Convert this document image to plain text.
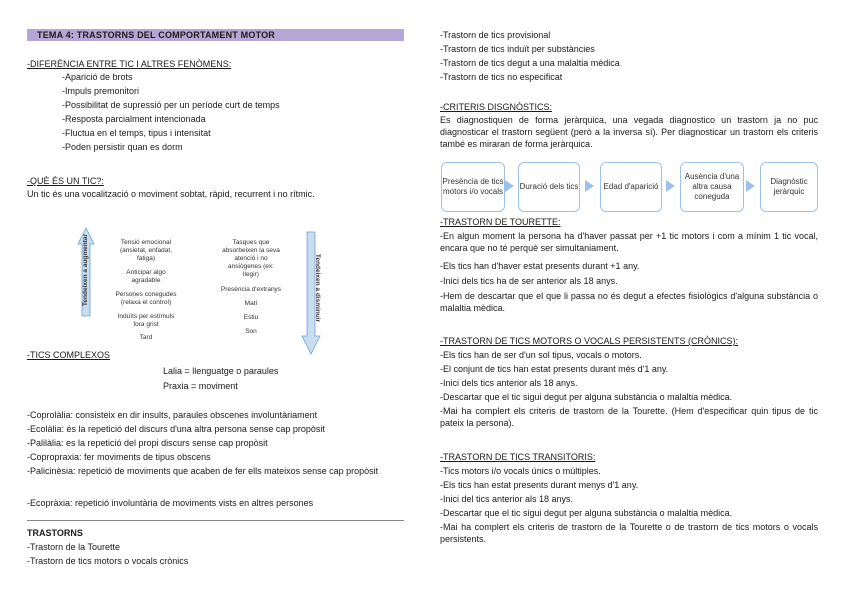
TEMA 4: TRASTORNS DEL COMPORTAMENT MOTOR
-DIFERÈNCIA ENTRE TIC I ALTRES FENÒMENS:
-Aparició de brots
-Impuls premonitori
-Possibilitat de supressió per un període curt de temps
-Resposta parcialment intencionada
-Fluctua en el temps, tipus i intensitat
-Poden persistir quan es dorm
-QUÈ ÉS UN TIC?:
Un tic és una vocalització o moviment sobtat, ràpid, recurrent i no rítmic.
Tendeixen a augmentar	Tendeixen a disminuir
Tensió emocional
(ansietat, enfadat,
fatiga)
Anticipar algo
agradable
Persones conegudes
(relaxa el control)
Induïts per estímuls
fora grist
Tard
Tasques que
absorbeixen la seva
atenció i no
ansiògenes (ex:
llegir)
Presència d'extranys
Matí
Estiu
Son
-TICS COMPLEXOS
Lalia = llenguatge o paraules
Praxia = moviment
-Coprolàlia: consisteix en dir insults, paraules obscenes involuntàriament
-Ecolàlia: és la repetició del discurs d'una altra persona sense cap propòsit
-Palilàlia: es la repetició del propi discurs sense cap propòsit
-Copropraxia: fer moviments de tipus obscens
-Palicinèsia: repetició de moviments que acaben de fer ells mateixos sense cap propòsit
-Ecopràxia: repetició involuntària de moviments vists en altres persones
TRASTORNS
-Trastorn de la Tourette
-Trastorn de tics motors o vocals crònics
-Trastorn de tics provisional
-Trastorn de tics induït per substàncies
-Trastorn de tics degut a una malaltia mèdica
-Trastorn de tics no especificat
-CRITERIS DISGNÒSTICS:
Es diagnostiquen de forma jeràrquica, una vegada diagnostico un trastorn ja no puc diagnosticar el trastorn següent (però a la inversa sí). Per diagnosticar un trastorn els criteris també es miraran de forma jeràrquica.
Presència de tics motors i/o vocals
Duració dels tics	Edad d'aparició
Ausència d'una altra causa coneguda
Diagnòstic jeràrquic
-TRASTORN DE TOURETTE:
-En algun moment la persona ha d'haver passat per +1 tic motors i com a mínim 1 tic vocal, encara que no té perquè ser simultaniament.
-Els tics han d'haver estat presents durant +1 any.
-Inici dels tics ha de ser anterior als 18 anys.
-Hem de descartar que el que li passa no és degut a efectes fisiològics d'alguna substància o malaltia mèdica.
-TRASTORN DE TICS MOTORS O VOCALS PERSISTENTS (CRÒNICS):
-Els tics han de ser d'un sol tipus, vocals o motors.
-El conjunt de tics han estat presents durant més d'1 any.
-Inici dels tics anterior als 18 anys.
-Descartar que el tic sigui degut per alguna substància o malaltia mèdica.
-Mai ha complert els criteris de trastorn de la Tourette. (Hem d'especificar quin tipus de tic pateix la persona).
-TRASTORN DE TICS TRANSITORIS:
-Tics motors i/o vocals únics o múltiples.
-Els tics han estat presents durant menys d'1 any.
-Inici del tics anterior als 18 anys.
-Descartar que el tic sigui degut per alguna substància o malaltia mèdica.
-Mai ha complert els criteris de trastorn de la Tourette o de trastorn de tics motors o vocals persistents.
